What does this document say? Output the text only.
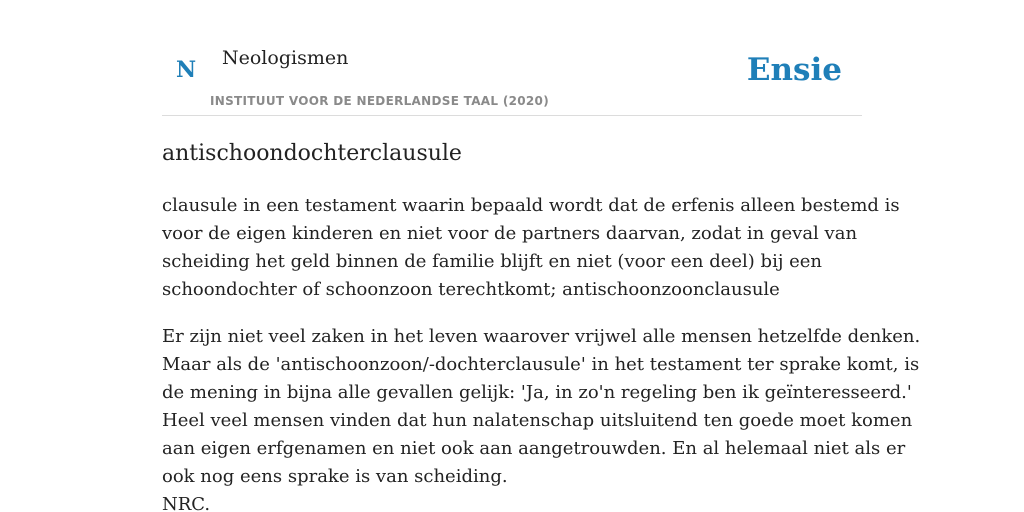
N Neologismen
INSTITUUT VOOR DE NEDERLANDSE TAAL (2020)
Ensie
antischoondochterclausule

clausule in een testament waarin bepaald wordt dat de erfenis alleen bestemd is
voor de eigen kinderen en niet voor de partners daarvan, zodat in geval van
scheiding het geld binnen de familie blijft en niet (voor een deel) bij een
schoondochter of schoonzoon terechtkomt; antischoonzoonclausule

Er zijn niet veel zaken in het leven waarover vrijwel alle mensen hetzelfde denken.
Maar als de 'antischoonzoon/-dochterclausule' in het testament ter sprake komt, is
de mening in bijna alle gevallen gelijk: 'Ja, in zo'n regeling ben ik geïnteresseerd.'
Heel veel mensen vinden dat hun nalatenschap uitsluitend ten goede moet komen
aan eigen erfgenamen en niet ook aan aangetrouwden. En al helemaal niet als er
ook nog eens sprake is van scheiding.
NRC.
